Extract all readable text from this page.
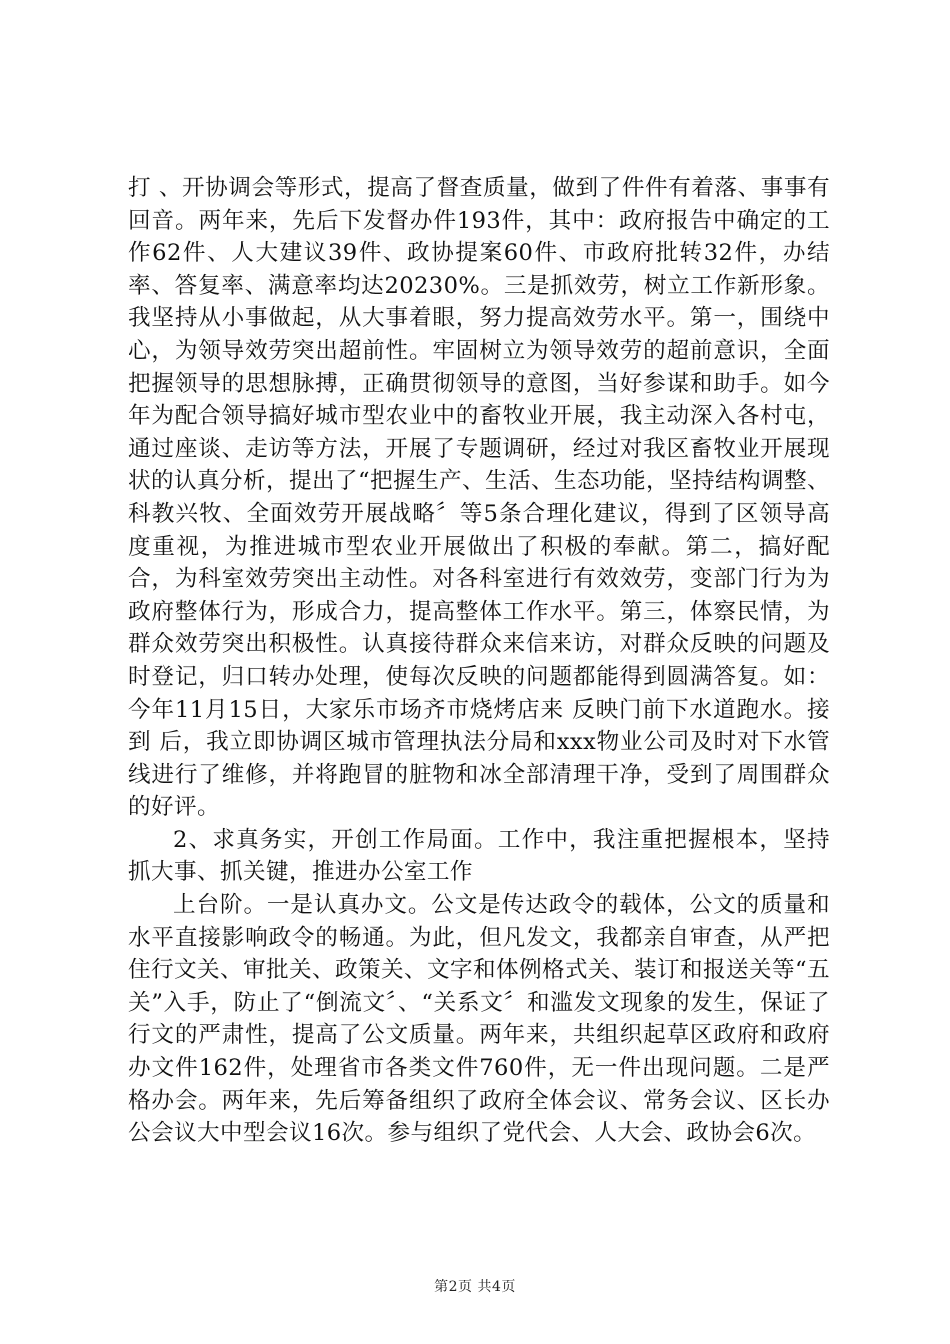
打 、开协调会等形式，提高了督查质量，做到了件件有着落、事事有回音。两年来，先后下发督办件193件，其中：政府报告中确定的工作62件、人大建议39件、政协提案60件、市政府批转32件，办结率、答复率、满意率均达20230%。三是抓效劳，树立工作新形象。我坚持从小事做起，从大事着眼，努力提高效劳水平。第一，围绕中心，为领导效劳突出超前性。牢固树立为领导效劳的超前意识，全面把握领导的思想脉搏，正确贯彻领导的意图，当好参谋和助手。如今年为配合领导搞好城市型农业中的畜牧业开展，我主动深入各村屯，通过座谈、走访等方法，开展了专题调研，经过对我区畜牧业开展现状的认真分析，提出了“把握生产、生活、生态功能，坚持结构调整、科教兴牧、全面效劳开展战略〞等5条合理化建议，得到了区领导高度重视，为推进城市型农业开展做出了积极的奉献。第二，搞好配合，为科室效劳突出主动性。对各科室进行有效效劳，变部门行为为政府整体行为，形成合力，提高整体工作水平。第三，体察民情，为群众效劳突出积极性。认真接待群众来信来访，对群众反映的问题及时登记，归口转办处理，使每次反映的问题都能得到圆满答复。如：今年11月15日，大家乐市场齐市烧烤店来 反映门前下水道跑水。接到 后，我立即协调区城市管理执法分局和xxx物业公司及时对下水管线进行了维修，并将跑冒的脏物和冰全部清理干净，受到了周围群众的好评。

2、求真务实，开创工作局面。工作中，我注重把握根本，坚持抓大事、抓关键，推进办公室工作

上台阶。一是认真办文。公文是传达政令的载体，公文的质量和水平直接影响政令的畅通。为此，但凡发文，我都亲自审查，从严把住行文关、审批关、政策关、文字和体例格式关、装订和报送关等“五关”入手，防止了“倒流文〞、“关系文〞和滥发文现象的发生，保证了行文的严肃性，提高了公文质量。两年来，共组织起草区政府和政府办文件162件，处理省市各类文件760件，无一件出现问题。二是严格办会。两年来，先后筹备组织了政府全体会议、常务会议、区长办公会议大中型会议16次。参与组织了党代会、人大会、政协会6次。

第2页 共4页
